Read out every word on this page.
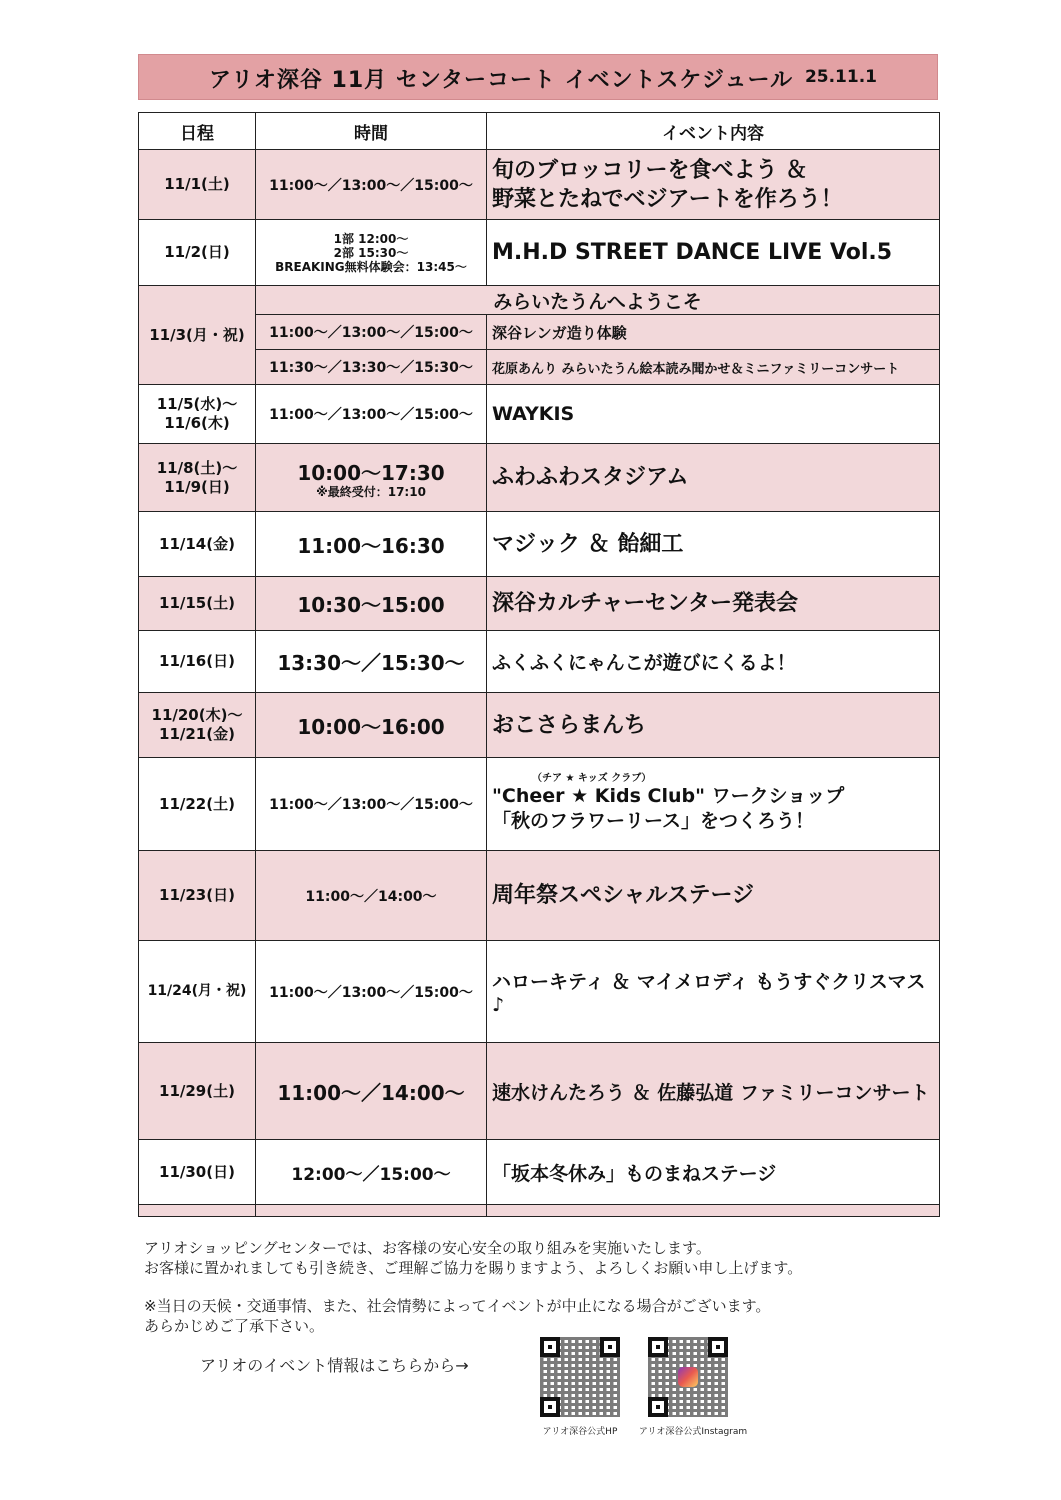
アリオ深谷 11月 センターコート イベントスケジュール 25.11.1
日程	時間	イベント内容
11/1(土)	11:00～／13:00～／15:00～	旬のブロッコリーを食べよう ＆
野菜とたねでベジアートを作ろう！

11/2(日)	1部 12:00～
2部 15:30～
BREAKING無料体験会：13:45～	M.H.D STREET DANCE LIVE Vol.5
11/3(月・祝)	みらいたうんへようこそ	
	11:00～／13:00～／15:00～	深谷レンガ造り体験
	11:30～／13:30～／15:30～	花原あんり みらいたうん絵本読み聞かせ＆ミニファミリーコンサート

11/5(水)～
11/6(木)	11:00～／13:00～／15:00～	WAYKIS

11/8(土)～
11/9(日)	10:00～17:30
※最終受付：17:10	ふわふわスタジアム
11/14(金)	11:00～16:30	マジック ＆ 飴細工
11/15(土)	10:30～15:00	深谷カルチャーセンター発表会
11/16(日)	13:30～／15:30～	ふくふくにゃんこが遊びにくるよ！

11/20(木)～
11/21(金)	10:00～16:00	おこさらまんち
11/22(土)	11:00～／13:00～／15:00～	（チア ★ キッズ クラブ）
"Cheer ★ Kids Club" ワークショップ
「秋のフラワーリース」をつくろう！

11/23(日)	11:00～／14:00～	周年祭スペシャルステージ
11/24(月・祝)	11:00～／13:00～／15:00～	ハローキティ ＆ マイメロディ もうすぐクリスマス♪
11/29(土)	11:00～／14:00～	速水けんたろう ＆ 佐藤弘道 ファミリーコンサート
11/30(日)	12:00～／15:00～	「坂本冬休み」ものまねステージ

アリオショッピングセンターでは、お客様の安心安全の取り組みを実施いたします。
お客様に置かれましても引き続き、ご理解ご協力を賜りますよう、よろしくお願い申し上げます。
※当日の天候・交通事情、また、社会情勢によってイベントが中止になる場合がございます。
あらかじめご了承下さい。
アリオのイベント情報はこちらから→
アリオ深谷公式HP	アリオ深谷公式Instagram
